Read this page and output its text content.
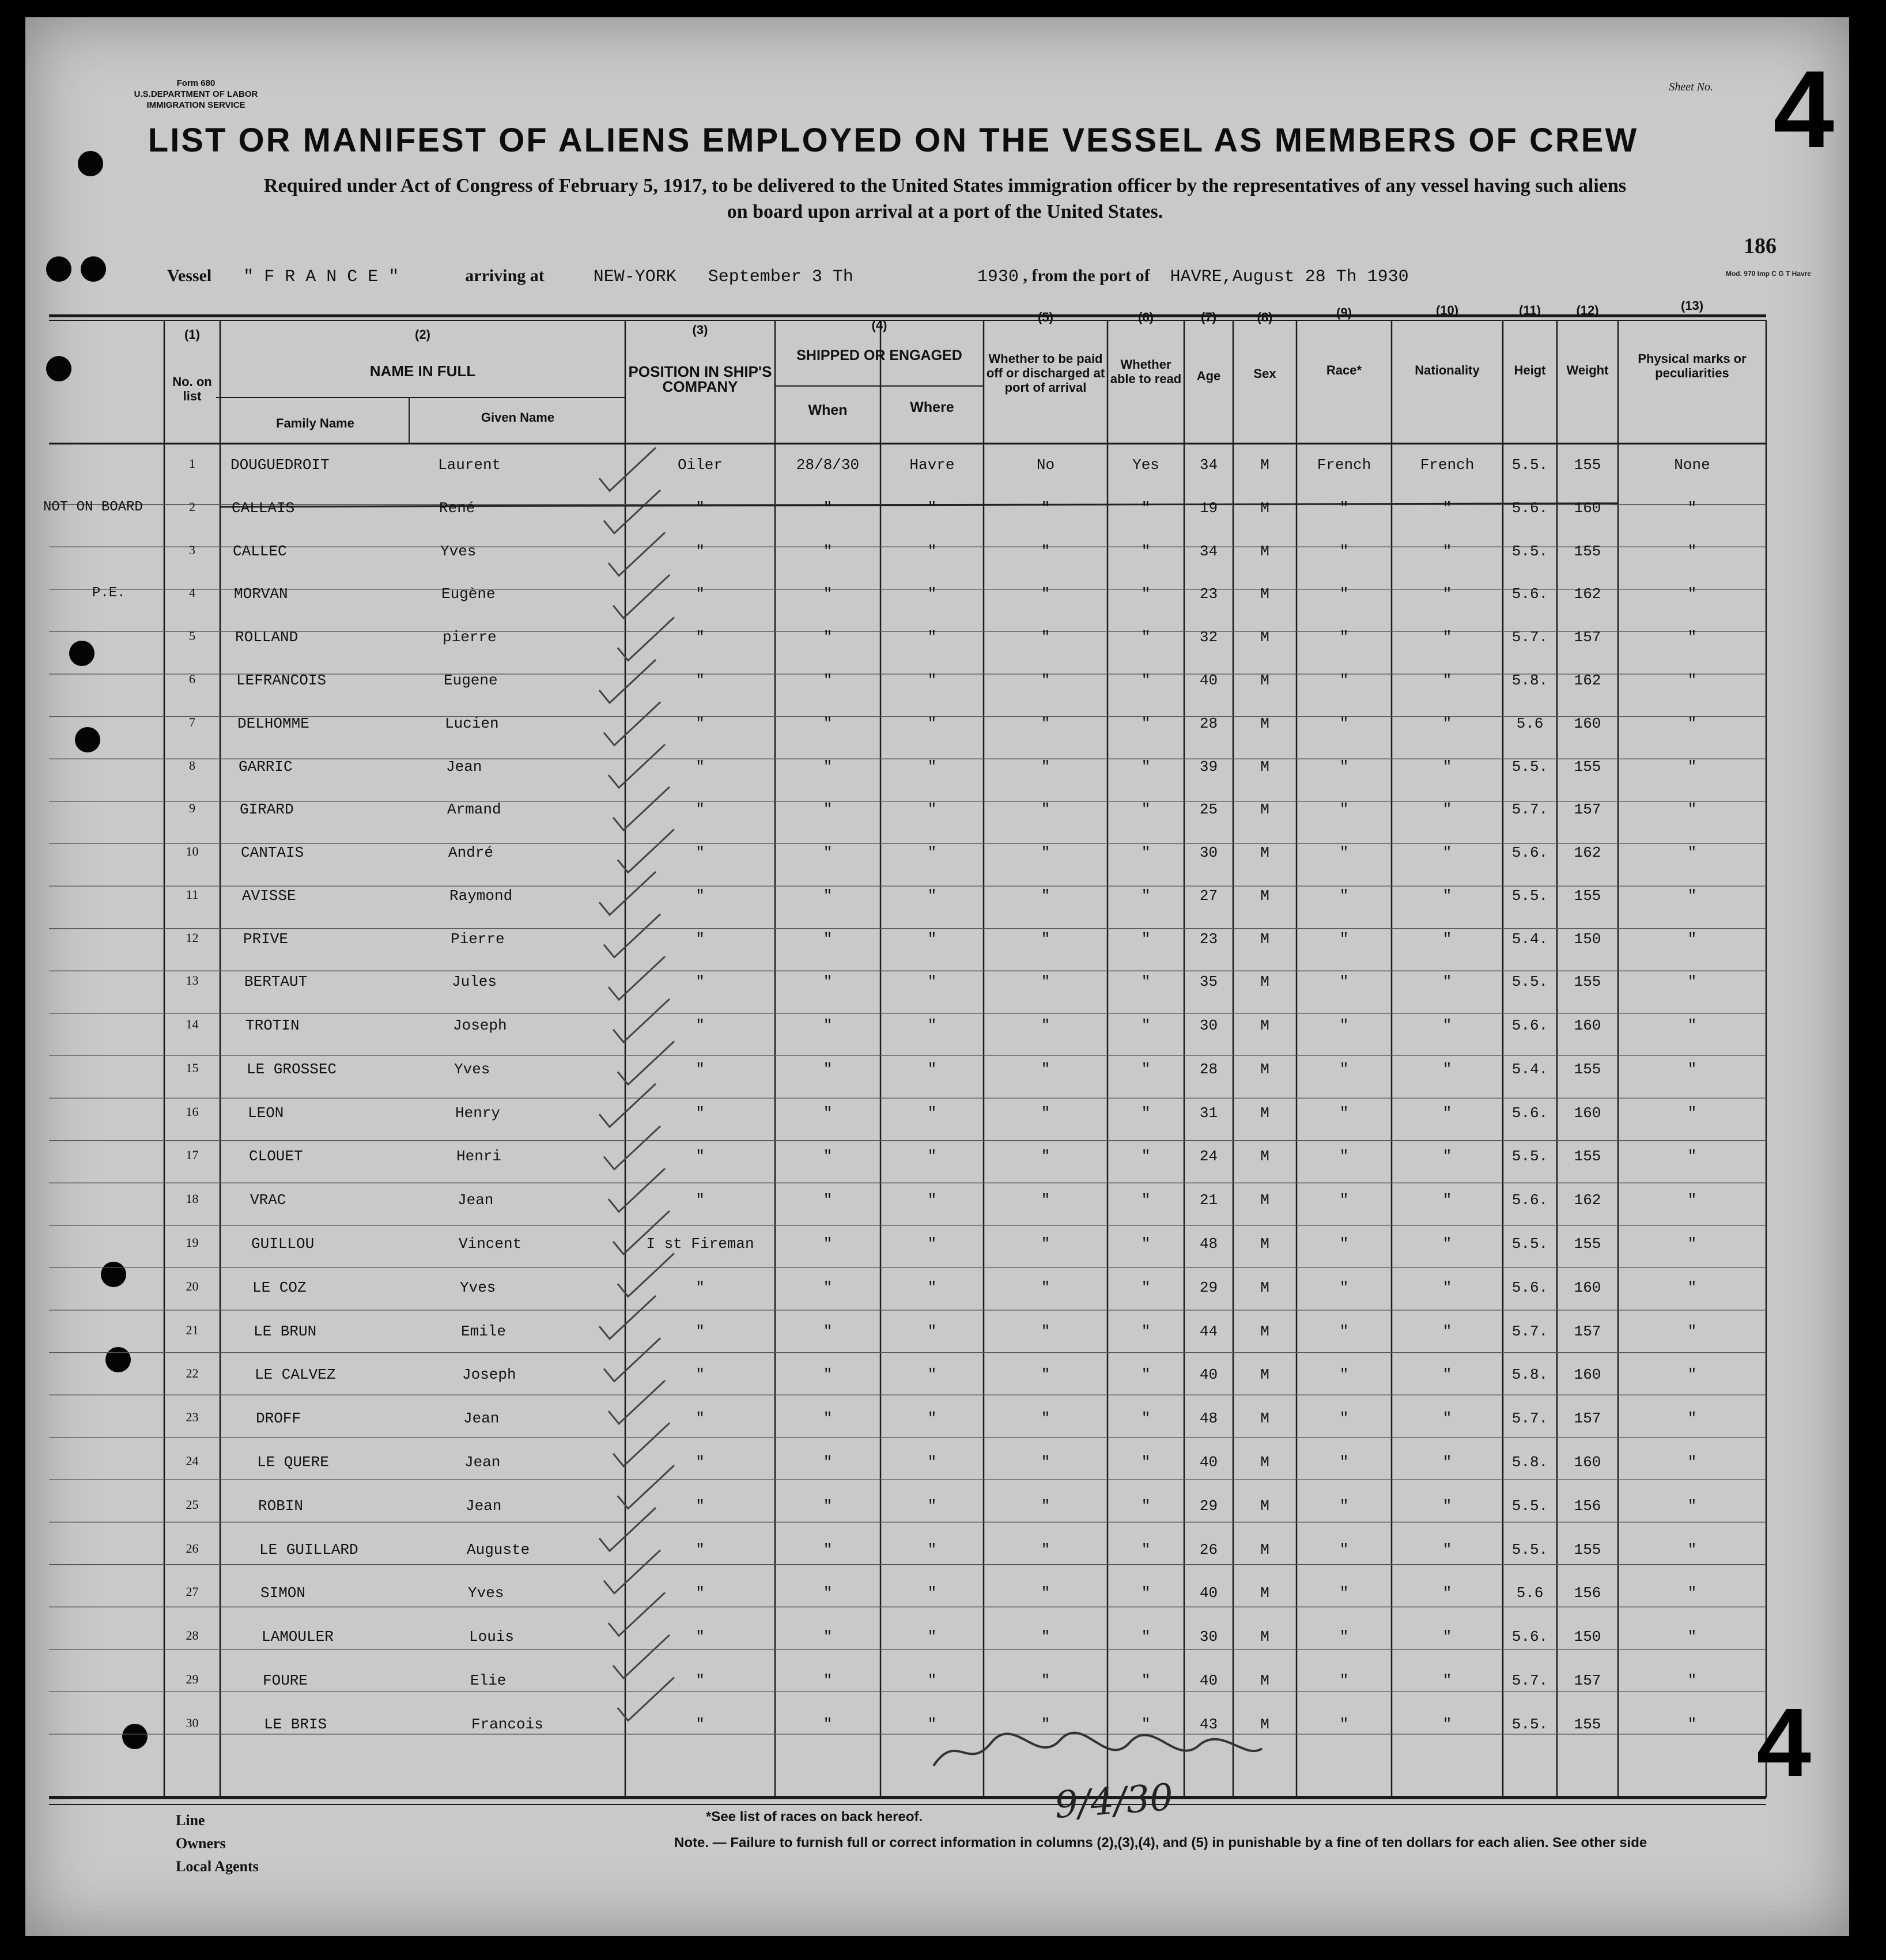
Form 680
U.S.DEPARTMENT OF LABOR
IMMIGRATION SERVICE
Sheet No. 4
LIST OR MANIFEST OF ALIENS EMPLOYED ON THE VESSEL AS MEMBERS OF CREW
Required under Act of Congress of February 5, 1917, to be delivered to the United States immigration officer by the representatives of any vessel having such aliens
on board upon arrival at a port of the United States.
186
Vessel " F R A N C E "	arriving at	NEW-YORK September 3 Th	1930 , from the port of HAVRE,August 28 Th 1930	Mod. 970 Imp C G T Havre
(1)
No. on list
(2)
NAME IN FULL
Family Name	Given Name
(3)
POSITION IN SHIP'S COMPANY
(4)
SHIPPED OR ENGAGED
When	Where
(5)
Whether to be paid off or discharged at port of arrival
(6)
Whether able to read
(7)
Age
(8)
Sex
(9)
Race*
(10)
Nationality
(11)
Heigt
(12)
Weight
(13)
Physical marks or peculiarities
1	DOUGUEDROIT	Laurent	Oiler	28/8/30	Havre	No	Yes	34	M	French	French	5.5.	155	None
2	CALLAIS	René	"	"	"	"	"	19	M	"	"	5.6.	160	"
NOT ON BOARD
3	CALLEC	Yves	"	"	"	"	"	34	M	"	"	5.5.	155	"
4	MORVAN	Eugène	"	"	"	"	"	23	M	"	"	5.6.	162	"
P.E.
5	ROLLAND	pierre	"	"	"	"	"	32	M	"	"	5.7.	157	"
6	LEFRANCOIS	Eugene	"	"	"	"	"	40	M	"	"	5.8.	162	"
7	DELHOMME	Lucien	"	"	"	"	"	28	M	"	"	5.6	160	"
8	GARRIC	Jean	"	"	"	"	"	39	M	"	"	5.5.	155	"
9	GIRARD	Armand	"	"	"	"	"	25	M	"	"	5.7.	157	"
10	CANTAIS	André	"	"	"	"	"	30	M	"	"	5.6.	162	"
11	AVISSE	Raymond	"	"	"	"	"	27	M	"	"	5.5.	155	"
12	PRIVE	Pierre	"	"	"	"	"	23	M	"	"	5.4.	150	"
13	BERTAUT	Jules	"	"	"	"	"	35	M	"	"	5.5.	155	"
14	TROTIN	Joseph	"	"	"	"	"	30	M	"	"	5.6.	160	"
15	LE GROSSEC	Yves	"	"	"	"	"	28	M	"	"	5.4.	155	"
16	LEON	Henry	"	"	"	"	"	31	M	"	"	5.6.	160	"
17	CLOUET	Henri	"	"	"	"	"	24	M	"	"	5.5.	155	"
18	VRAC	Jean	"	"	"	"	"	21	M	"	"	5.6.	162	"
19	GUILLOU	Vincent	I st Fireman	"	"	"	"	48	M	"	"	5.5.	155	"
20	LE COZ	Yves	"	"	"	"	"	29	M	"	"	5.6.	160	"
21	LE BRUN	Emile	"	"	"	"	"	44	M	"	"	5.7.	157	"
22	LE CALVEZ	Joseph	"	"	"	"	"	40	M	"	"	5.8.	160	"
23	DROFF	Jean	"	"	"	"	"	48	M	"	"	5.7.	157	"
24	LE QUERE	Jean	"	"	"	"	"	40	M	"	"	5.8.	160	"
25	ROBIN	Jean	"	"	"	"	"	29	M	"	"	5.5.	156	"
26	LE GUILLARD	Auguste	"	"	"	"	"	26	M	"	"	5.5.	155	"
27	SIMON	Yves	"	"	"	"	"	40	M	"	"	5.6	156	"
28	LAMOULER	Louis	"	"	"	"	"	30	M	"	"	5.6.	150	"
29	FOURE	Elie	"	"	"	"	"	40	M	"	"	5.7.	157	"
30	LE BRIS	Francois	"	"	"	"	"	43	M	"	"	5.5.	155	"
Line
Owners
Local Agents
*See list of races on back hereof.
Note. — Failure to furnish full or correct information in columns (2),(3),(4), and (5) in punishable by a fine of ten dollars for each alien. See other side
9/4/30
4
